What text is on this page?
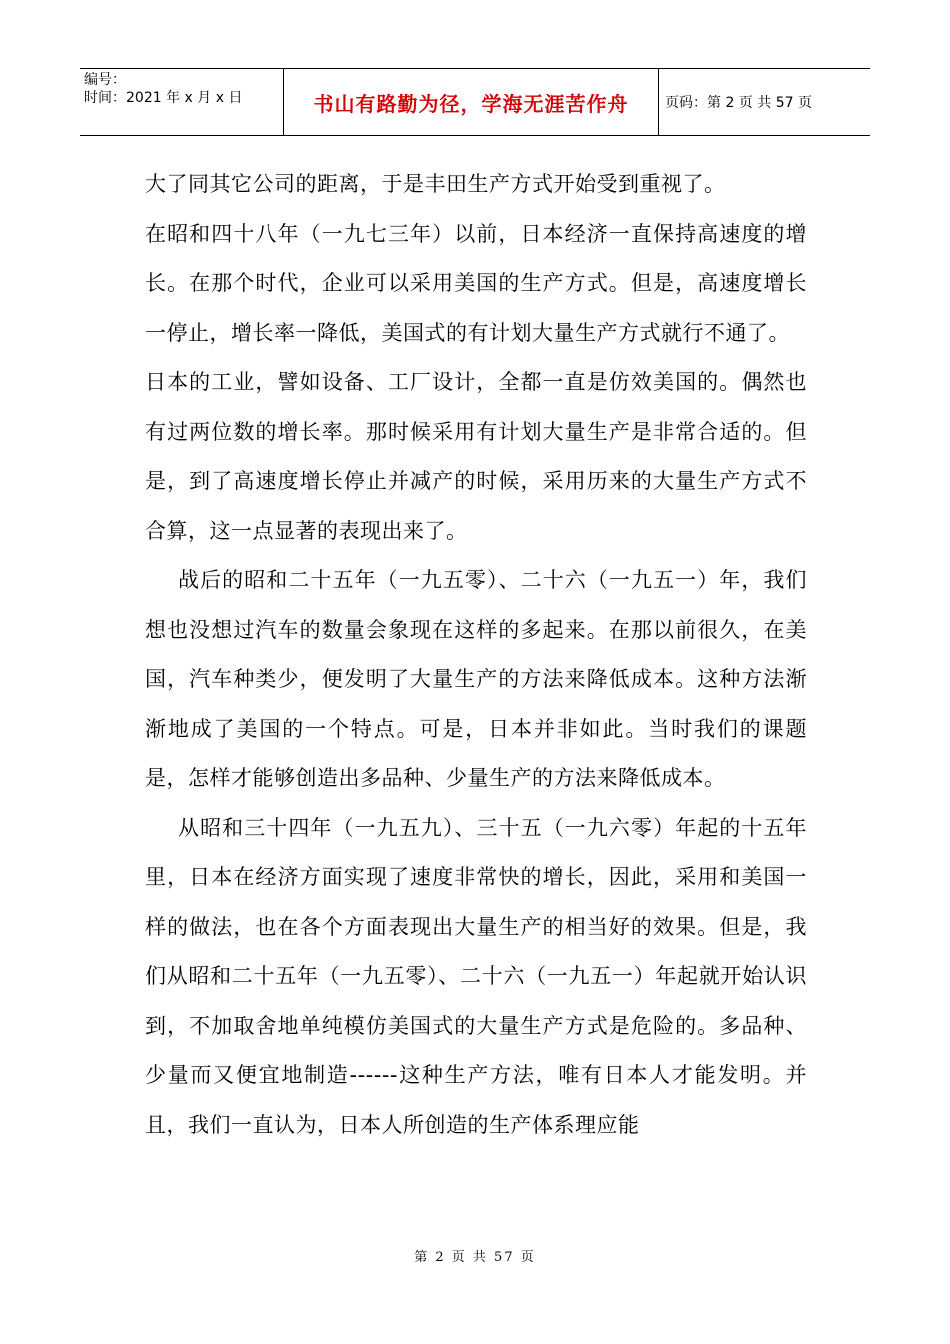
编号：
时间：2021 年 x 月 x 日	书山有路勤为径，学海无涯苦作舟	页码：第 2 页 共 57 页

大了同其它公司的距离，于是丰田生产方式开始受到重视了。

在昭和四十八年（一九七三年）以前，日本经济一直保持高速度的增长。在那个时代，企业可以采用美国的生产方式。但是，高速度增长一停止，增长率一降低，美国式的有计划大量生产方式就行不通了。

日本的工业，譬如设备、工厂设计，全都一直是仿效美国的。偶然也有过两位数的增长率。那时候采用有计划大量生产是非常合适的。但是，到了高速度增长停止并减产的时候，采用历来的大量生产方式不合算，这一点显著的表现出来了。

战后的昭和二十五年（一九五零）、二十六（一九五一）年，我们想也没想过汽车的数量会象现在这样的多起来。在那以前很久，在美国，汽车种类少，便发明了大量生产的方法来降低成本。这种方法渐渐地成了美国的一个特点。可是，日本并非如此。当时我们的课题是，怎样才能够创造出多品种、少量生产的方法来降低成本。

从昭和三十四年（一九五九）、三十五（一九六零）年起的十五年里，日本在经济方面实现了速度非常快的增长，因此，采用和美国一样的做法，也在各个方面表现出大量生产的相当好的效果。但是，我们从昭和二十五年（一九五零）、二十六（一九五一）年起就开始认识到，不加取舍地单纯模仿美国式的大量生产方式是危险的。多品种、少量而又便宜地制造------这种生产方法，唯有日本人才能发明。并且，我们一直认为，日本人所创造的生产体系理应能

第 2 页 共 57 页
